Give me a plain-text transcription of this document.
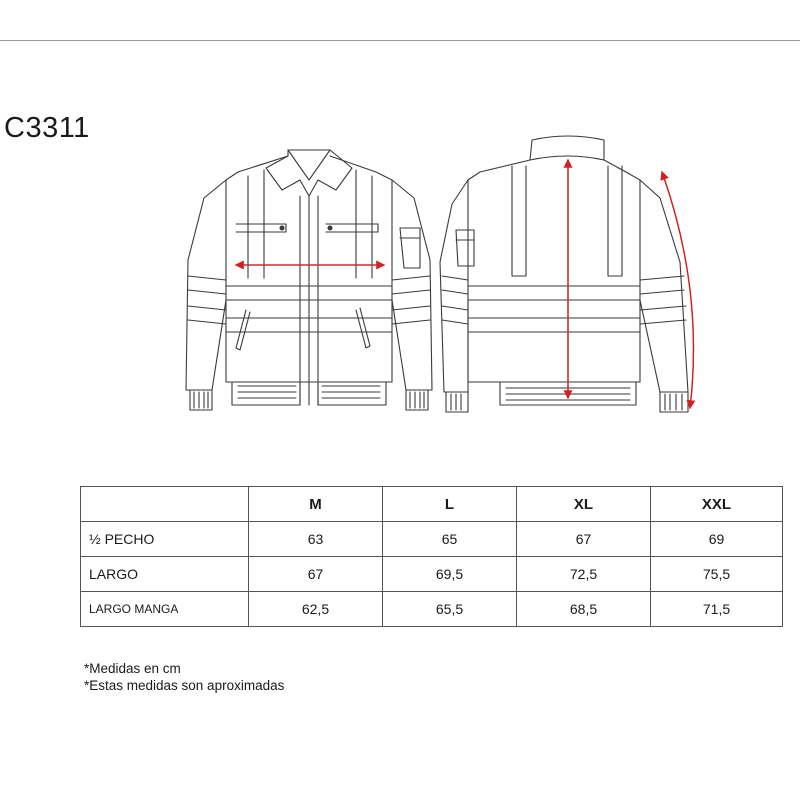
C3311
	M	L	XL	XXL
½ PECHO	63	65	67	69
LARGO	67	69,5	72,5	75,5
LARGO MANGA	62,5	65,5	68,5	71,5
*Medidas en cm
*Estas medidas son aproximadas
